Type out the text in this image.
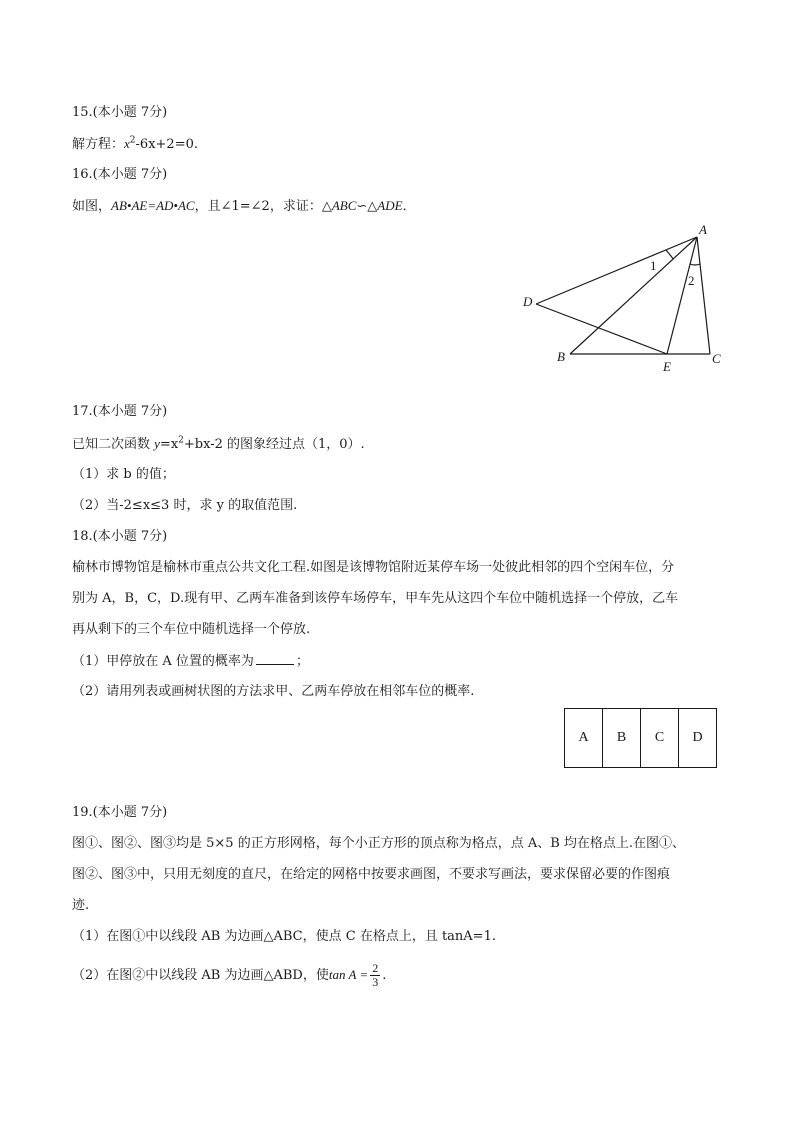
15.(本小题 7分)
解方程：$x^2-6x+2=0$.
16.(本小题 7分)
如图，AB•AE=AD•AC，且∠1=∠2，求证：△ABC∽△ADE．
A
D
B
E
C
1
2
17.(本小题 7分)
已知二次函数 $y=x^2+bx-2$ 的图象经过点（1，0）.
（1）求 b 的值；
（2）当-2≤x≤3 时，求 y 的取值范围.
18.(本小题 7分)
榆林市博物馆是榆林市重点公共文化工程.如图是该博物馆附近某停车场一处彼此相邻的四个空闲车位，分
别为 A，B，C，D.现有甲、乙两车准备到该停车场停车，甲车先从这四个车位中随机选择一个停放，乙车
再从剩下的三个车位中随机选择一个停放.
（1）甲停放在 A 位置的概率为	；
（2）请用列表或画树状图的方法求甲、乙两车停放在相邻车位的概率.
A	B	C	D
19.(本小题 7分)
图①、图②、图③均是 5×5 的正方形网格，每个小正方形的顶点称为格点，点 A、B 均在格点上.在图①、
图②、图③中，只用无刻度的直尺，在给定的网格中按要求画图，不要求写画法，要求保留必要的作图痕
迹.
（1）在图①中以线段 AB 为边画△ABC，使点 C 在格点上，且 tanA=1.
（2）在图②中以线段 AB 为边画△ABD，使$\tan A = \frac{2}{3}$ .
